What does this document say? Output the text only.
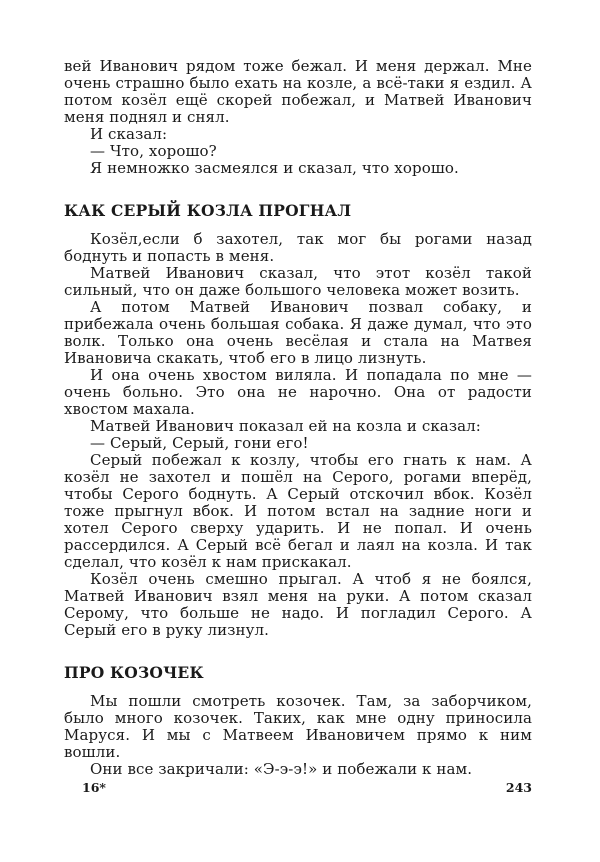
вей Иванович рядом тоже бежал. И меня держал. Мне очень страшно было ехать на козле, а всё-таки я ездил. А потом козёл ещё скорей побежал, и Матвей Иванович меня поднял и снял.

И сказал:

— Что, хорошо?

Я немножко засмеялся и сказал, что хорошо.

КАК СЕРЫЙ КОЗЛА ПРОГНАЛ

Козёл,если б захотел, так мог бы рогами назад боднуть и попасть в меня.

Матвей Иванович сказал, что этот козёл такой сильный, что он даже большого человека может возить.

А потом Матвей Иванович позвал собаку, и прибежала очень большая собака. Я даже думал, что это волк. Только она очень весёлая и стала на Матвея Ивановича скакать, чтоб его в лицо лизнуть.

И она очень хвостом виляла. И попадала по мне — очень больно. Это она не нарочно. Она от радости хвостом махала.

Матвей Иванович показал ей на козла и сказал:

— Серый, Серый, гони его!

Серый побежал к козлу, чтобы его гнать к нам. А козёл не захотел и пошёл на Серого, рогами вперёд, чтобы Серого боднуть. А Серый отскочил вбок. Козёл тоже прыгнул вбок. И потом встал на задние ноги и хотел Серого сверху ударить. И не попал. И очень рассердился. А Серый всё бегал и лаял на козла. И так сделал, что козёл к нам прискакал.

Козёл очень смешно прыгал. А чтоб я не боялся, Матвей Иванович взял меня на руки. А потом сказал Серому, что больше не надо. И погладил Серого. А Серый его в руку лизнул.

ПРО КОЗОЧЕК

Мы пошли смотреть козочек. Там, за заборчиком, было много козочек. Таких, как мне одну приносила Маруся. И мы с Матвеем Ивановичем прямо к ним вошли.

Они все закричали: «Э-э-э!» и побежали к нам.

16*	243
